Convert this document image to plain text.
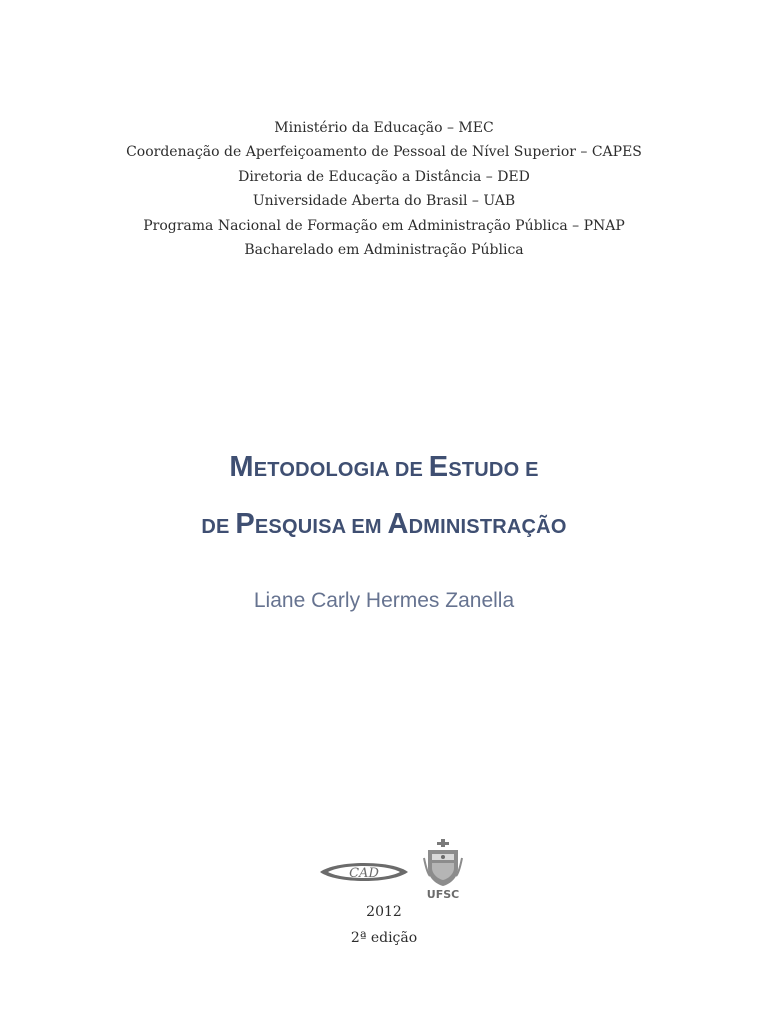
Ministério da Educação – MEC
Coordenação de Aperfeiçoamento de Pessoal de Nível Superior – CAPES
Diretoria de Educação a Distância – DED
Universidade Aberta do Brasil – UAB
Programa Nacional de Formação em Administração Pública – PNAP
Bacharelado em Administração Pública
METODOLOGIA DE ESTUDO E
DE PESQUISA EM ADMINISTRAÇÃO
Liane Carly Hermes Zanella
CAD
UFSC
2012
2ª edição
